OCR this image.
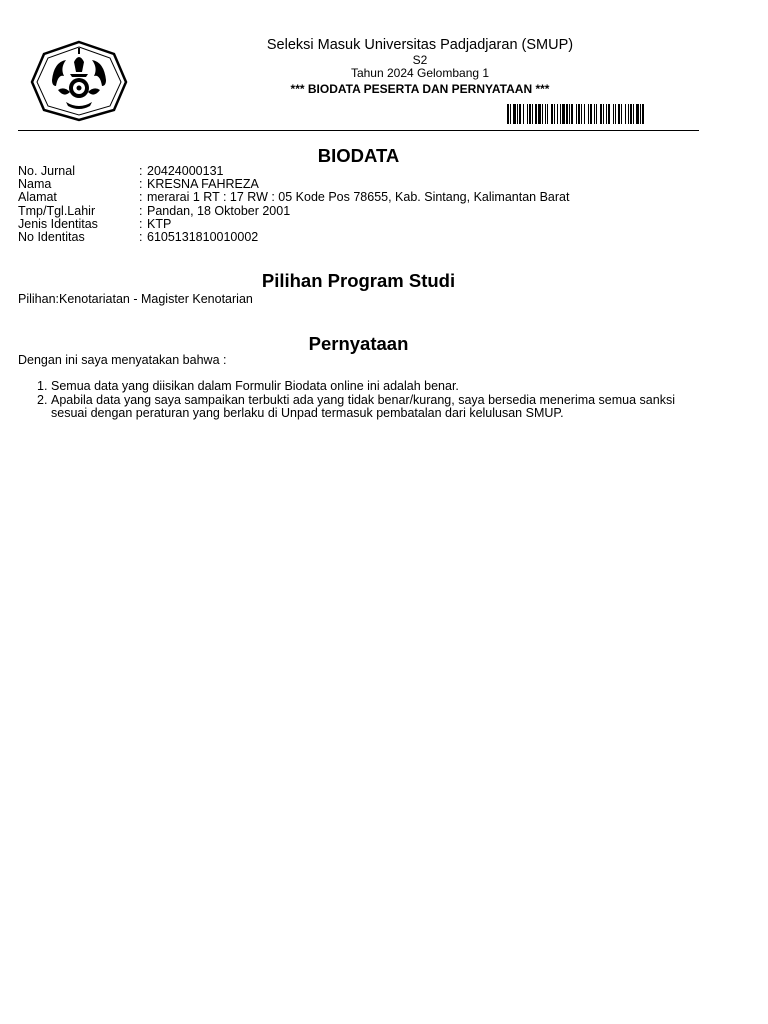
Seleksi Masuk Universitas Padjadjaran (SMUP)
S2
Tahun 2024 Gelombang 1
*** BIODATA PESERTA DAN PERNYATAAN ***
BIODATA
No. Jurnal	: 20424000131
Nama	: KRESNA FAHREZA
Alamat	: merarai 1 RT : 17 RW : 05 Kode Pos 78655, Kab. Sintang, Kalimantan Barat
Tmp/Tgl.Lahir	: Pandan, 18 Oktober 2001
Jenis Identitas	: KTP
No Identitas	: 6105131810010002
Pilihan Program Studi
Pilihan:Kenotariatan - Magister Kenotarian
Pernyataan
Dengan ini saya menyatakan bahwa :
1. Semua data yang diisikan dalam Formulir Biodata online ini adalah benar.
2. Apabila data yang saya sampaikan terbukti ada yang tidak benar/kurang, saya bersedia menerima semua sanksi sesuai dengan peraturan yang berlaku di Unpad termasuk pembatalan dari kelulusan SMUP.
